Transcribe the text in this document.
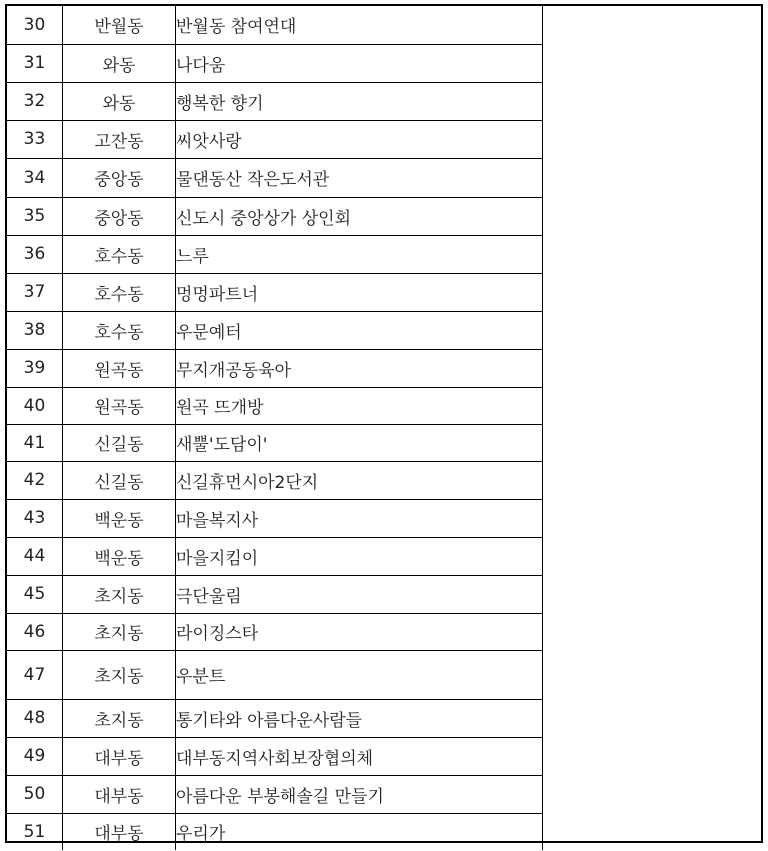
30	반월동	반월동 참여연대
31	와동	나다움
32	와동	행복한 향기
33	고잔동	씨앗사랑
34	중앙동	물댄동산 작은도서관
35	중앙동	신도시 중앙상가 상인회
36	호수동	느루
37	호수동	멍멍파트너
38	호수동	우문예터
39	원곡동	무지개공동육아
40	원곡동	원곡 뜨개방
41	신길동	새뿔'도담이'
42	신길동	신길휴먼시아2단지
43	백운동	마을복지사
44	백운동	마을지킴이
45	초지동	극단울림
46	초지동	라이징스타
47	초지동	우분트
48	초지동	통기타와 아름다운사람들
49	대부동	대부동지역사회보장협의체
50	대부동	아름다운 부봉해솔길 만들기
51	대부동	우리가
